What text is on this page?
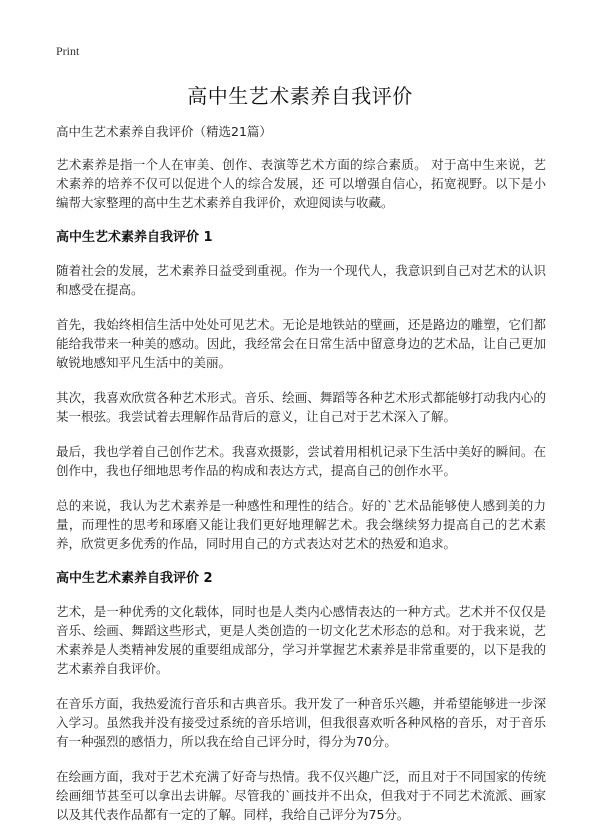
Print
高中生艺术素养自我评价

高中生艺术素养自我评价（精选21篇）

艺术素养是指一个人在审美、创作、表演等艺术方面的综合素质。 对于高中生来说，艺术素养的培养不仅可以促进个人的综合发展，还 可以增强自信心，拓宽视野。以下是小编帮大家整理的高中生艺术素养自我评价，欢迎阅读与收藏。

高中生艺术素养自我评价 1

随着社会的发展，艺术素养日益受到重视。作为一个现代人，我意识到自己对艺术的认识和感受在提高。

首先，我始终相信生活中处处可见艺术。无论是地铁站的壁画，还是路边的雕塑，它们都能给我带来一种美的感动。因此，我经常会在日常生活中留意身边的艺术品，让自己更加敏锐地感知平凡生活中的美丽。

其次，我喜欢欣赏各种艺术形式。音乐、绘画、舞蹈等各种艺术形式都能够打动我内心的某一根弦。我尝试着去理解作品背后的意义，让自己对于艺术深入了解。

最后，我也学着自己创作艺术。我喜欢摄影，尝试着用相机记录下生活中美好的瞬间。在创作中，我也仔细地思考作品的构成和表达方式，提高自己的创作水平。

总的来说，我认为艺术素养是一种感性和理性的结合。好的`艺术品能够使人感到美的力量，而理性的思考和琢磨又能让我们更好地理解艺术。我会继续努力提高自己的艺术素养，欣赏更多优秀的作品，同时用自己的方式表达对艺术的热爱和追求。

高中生艺术素养自我评价 2

艺术，是一种优秀的文化载体，同时也是人类内心感情表达的一种方式。艺术并不仅仅是音乐、绘画、舞蹈这些形式，更是人类创造的一切文化艺术形态的总和。对于我来说，艺术素养是人类精神发展的重要组成部分，学习并掌握艺术素养是非常重要的，以下是我的艺术素养自我评价。

在音乐方面，我热爱流行音乐和古典音乐。我开发了一种音乐兴趣，并希望能够进一步深入学习。虽然我并没有接受过系统的音乐培训，但我很喜欢听各种风格的音乐，对于音乐有一种强烈的感悟力，所以我在给自己评分时，得分为70分。

在绘画方面，我对于艺术充满了好奇与热情。我不仅兴趣广泛，而且对于不同国家的传统绘画细节甚至可以拿出去讲解。尽管我的`画技并不出众，但我对于不同艺术流派、画家以及其代表作品都有一定的了解。同样，我给自己评分为75分。
